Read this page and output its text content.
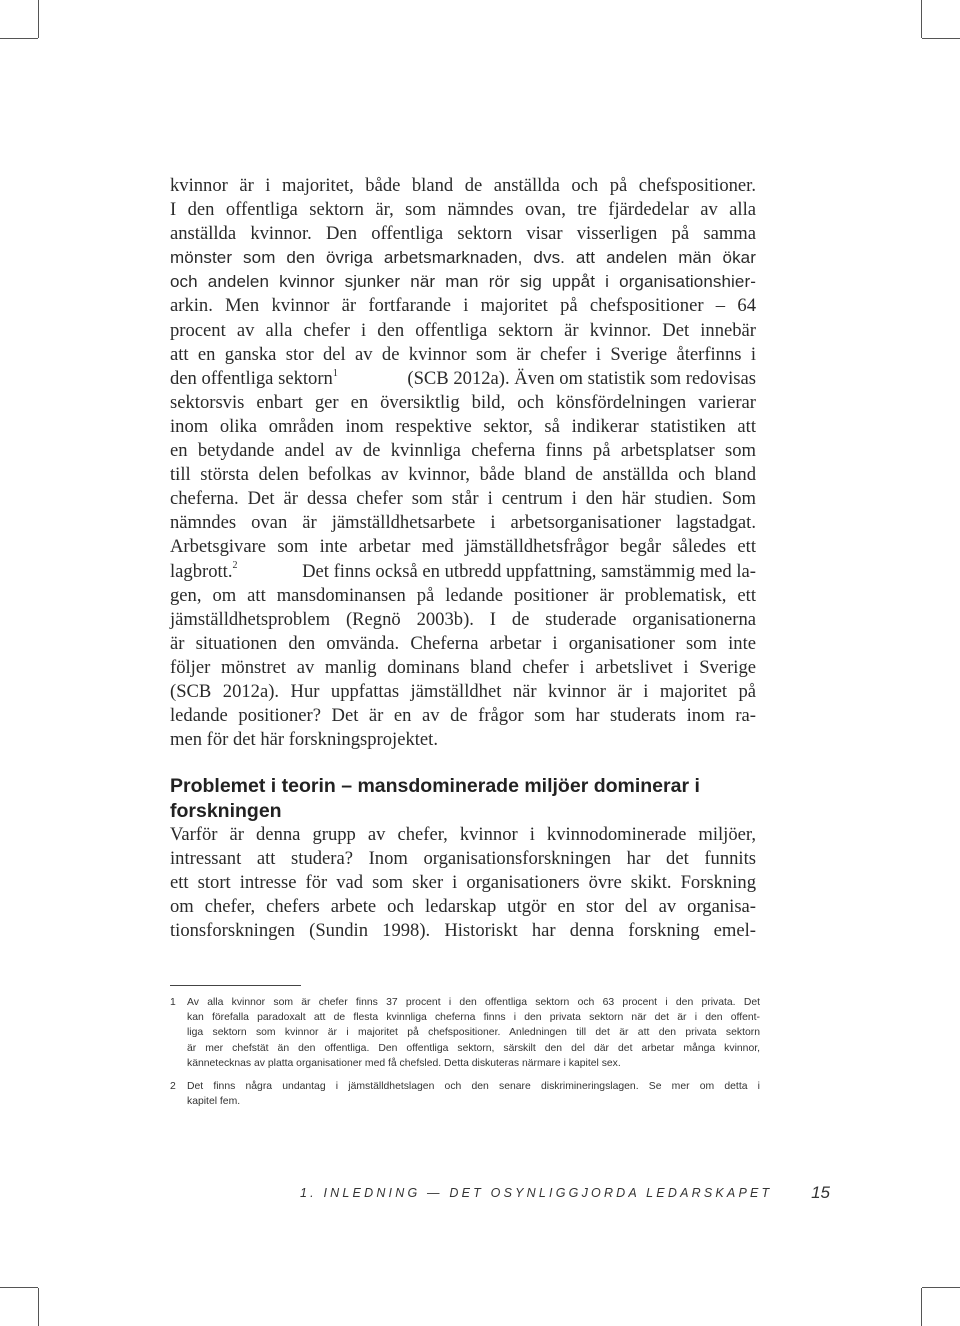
kvinnor är i majoritet, både bland de anställda och på chefspositioner.
I den offentliga sektorn är, som nämndes ovan, tre fjärdedelar av alla
anställda kvinnor. Den offentliga sektorn visar visserligen på samma
mönster som den övriga arbetsmarknaden, dvs. att andelen män ökar
och andelen kvinnor sjunker när man rör sig uppåt i organisationshier-
arkin. Men kvinnor är fortfarande i majoritet på chefspositioner – 64
procent av alla chefer i den offentliga sektorn är kvinnor. Det innebär
att en ganska stor del av de kvinnor som är chefer i Sverige återfinns i
den offentliga sektorn$^1$	(SCB 2012a). Även om statistik som redovisas
sektorsvis enbart ger en översiktlig bild, och könsfördelningen varierar
inom olika områden inom respektive sektor, så indikerar statistiken att
en betydande andel av de kvinnliga cheferna finns på arbetsplatser som
till största delen befolkas av kvinnor, både bland de anställda och bland
cheferna. Det är dessa chefer som står i centrum i den här studien. Som
nämndes ovan är jämställdhetsarbete i arbetsorganisationer lagstadgat.
Arbetsgivare som inte arbetar med jämställdhetsfrågor begår således ett
lagbrott.$^2$	Det finns också en utbredd uppfattning, samstämmig med la-
gen, om att mansdominansen på ledande positioner är problematisk, ett
jämställdhetsproblem (Regnö 2003b). I de studerade organisationerna
är situationen den omvända. Cheferna arbetar i organisationer som inte
följer mönstret av manlig dominans bland chefer i arbetslivet i Sverige
(SCB 2012a). Hur uppfattas jämställdhet när kvinnor är i majoritet på
ledande positioner? Det är en av de frågor som har studerats inom ra-
men för det här forskningsprojektet.
Problemet i teorin – mansdominerade miljöer dominerar i forskningen
Varför är denna grupp av chefer, kvinnor i kvinnodominerade miljöer,
intressant att studera? Inom organisationsforskningen har det funnits
ett stort intresse för vad som sker i organisationers övre skikt. Forskning
om chefer, chefers arbete och ledarskap utgör en stor del av organisa-
tionsforskningen (Sundin 1998). Historiskt har denna forskning emel-
1 Av alla kvinnor som är chefer finns 37 procent i den offentliga sektorn och 63 procent i den privata. Det
kan förefalla paradoxalt att de flesta kvinnliga cheferna finns i den privata sektorn när det är i den offent-
liga sektorn som kvinnor är i majoritet på chefspositioner. Anledningen till det är att den privata sektorn
är mer chefstät än den offentliga. Den offentliga sektorn, särskilt den del där det arbetar många kvinnor,
kännetecknas av platta organisationer med få chefsled. Detta diskuteras närmare i kapitel sex.
2 Det finns några undantag i jämställdhetslagen och den senare diskrimineringslagen. Se mer om detta i
kapitel fem.
1. INLEDNING — DET OSYNLIGGJORDA LEDARSKAPET	15
